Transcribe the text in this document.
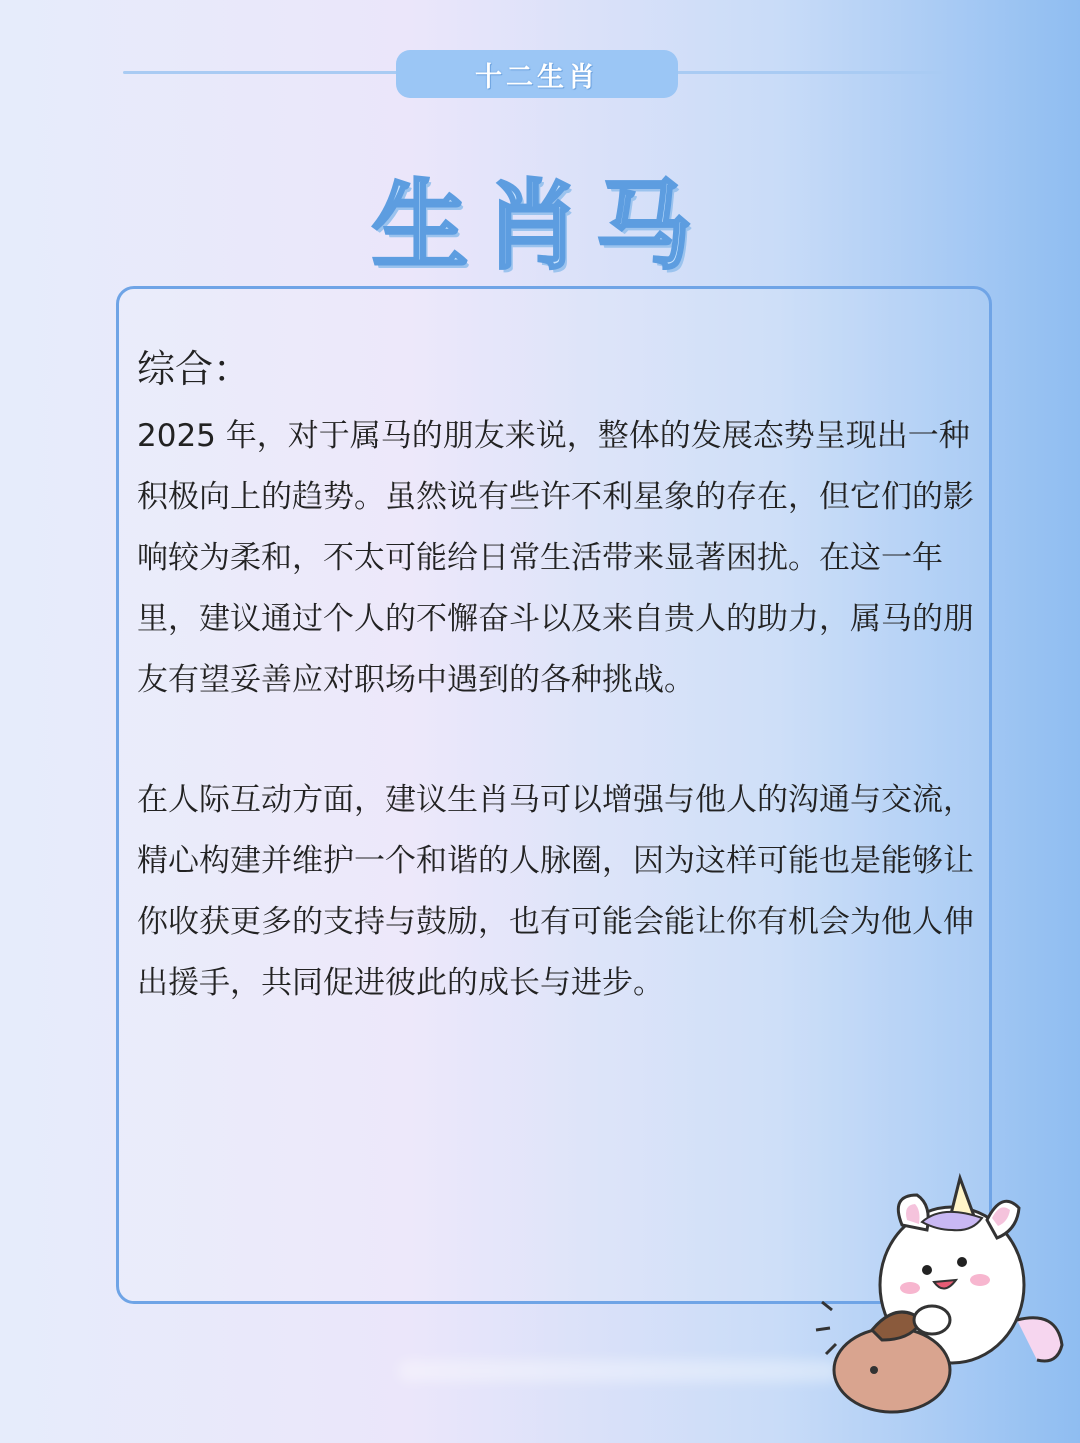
十二生肖
生肖马
综合：
2025 年，对于属马的朋友来说，整体的发展态势呈现出一种积极向上的趋势。虽然说有些许不利星象的存在，但它们的影响较为柔和，不太可能给日常生活带来显著困扰。在这一年里，建议通过个人的不懈奋斗以及来自贵人的助力，属马的朋友有望妥善应对职场中遇到的各种挑战。
在人际互动方面，建议生肖马可以增强与他人的沟通与交流，精心构建并维护一个和谐的人脉圈，因为这样可能也是能够让你收获更多的支持与鼓励，也有可能会能让你有机会为他人伸出援手，共同促进彼此的成长与进步。
